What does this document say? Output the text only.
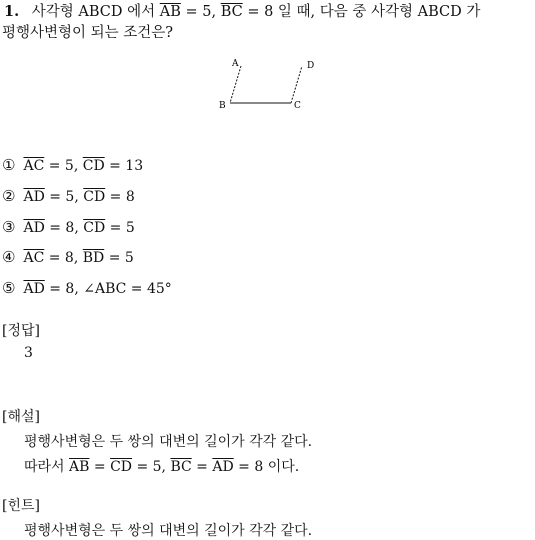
1. 사각형 ABCD 에서 $\overline{AB} = 5$, $\overline{BC} = 8$ 일 때, 다음 중 사각형 ABCD 가
평행사변형이 되는 조건은?
A	D
B	C
① $\overline{AC} = 5$, $\overline{CD} = 13$
② $\overline{AD} = 5$, $\overline{CD} = 8$
③ $\overline{AD} = 8$, $\overline{CD} = 5$
④ $\overline{AC} = 8$, $\overline{BD} = 5$
⑤ $\overline{AD} = 8$, ∠ABC = 45°
[정답]
3
[해설]
평행사변형은 두 쌍의 대변의 길이가 각각 같다.
따라서 $\overline{AB} = \overline{CD} = 5$, $\overline{BC} = \overline{AD} = 8$ 이다.
[힌트]
평행사변형은 두 쌍의 대변의 길이가 각각 같다.
